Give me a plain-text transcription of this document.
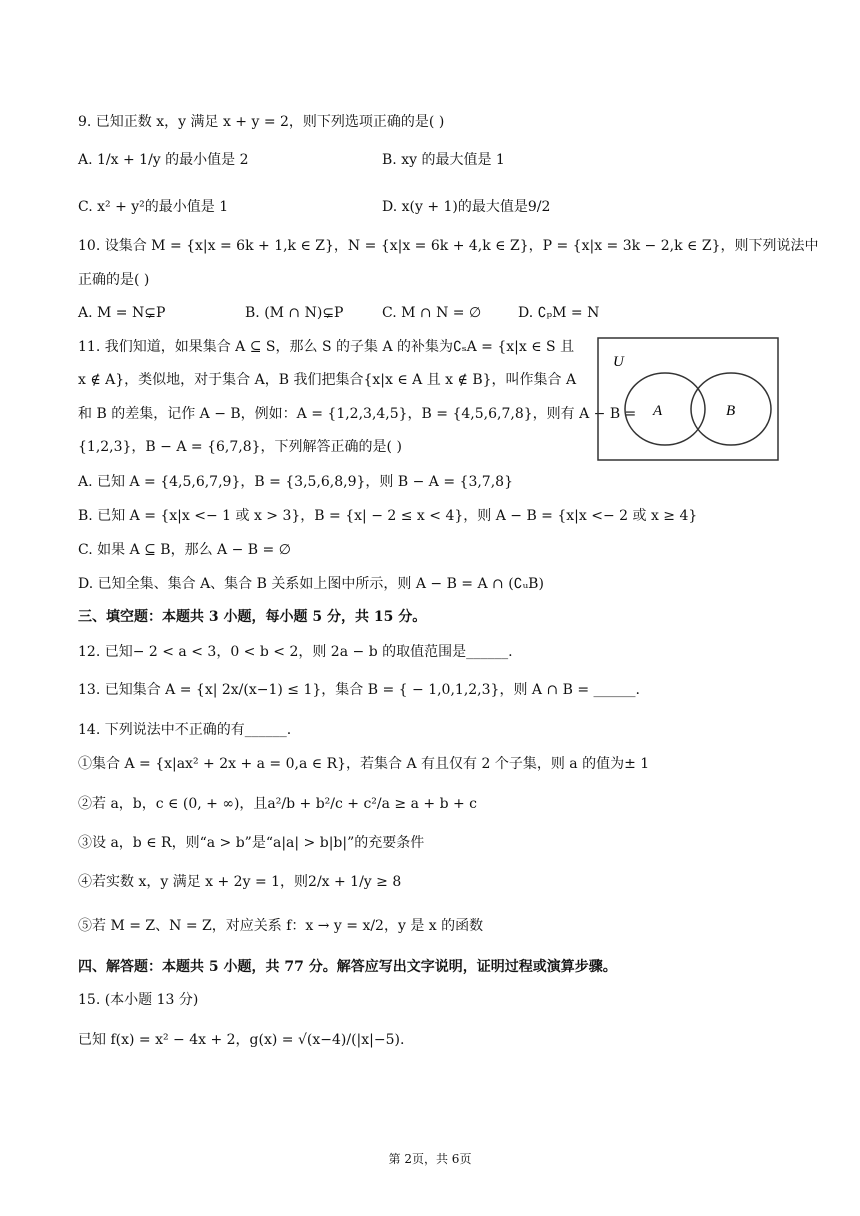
9. 已知正数 x，y 满足 x + y = 2，则下列选项正确的是( )
A. 1/x + 1/y 的最小值是 2	B. xy 的最大值是 1
C. x² + y²的最小值是 1	D. x(y + 1)的最大值是9/2
10. 设集合 M = {x|x = 6k + 1,k ∈ Z}，N = {x|x = 6k + 4,k ∈ Z}，P = {x|x = 3k − 2,k ∈ Z}，则下列说法中
正确的是( )
A. M = N⊊P	B. (M ∩ N)⊊P	C. M ∩ N = ∅	D. ∁ₚM = N
11. 我们知道，如果集合 A ⊆ S，那么 S 的子集 A 的补集为∁ₛA = {x|x ∈ S 且
x ∉ A}，类似地，对于集合 A，B 我们把集合{x|x ∈ A 且 x ∉ B}，叫作集合 A
和 B 的差集，记作 A − B，例如：A = {1,2,3,4,5}，B = {4,5,6,7,8}，则有 A − B =
{1,2,3}，B − A = {6,7,8}，下列解答正确的是( )
U
A	B
A. 已知 A = {4,5,6,7,9}，B = {3,5,6,8,9}，则 B − A = {3,7,8}
B. 已知 A = {x|x <− 1 或 x > 3}，B = {x| − 2 ≤ x < 4}，则 A − B = {x|x <− 2 或 x ≥ 4}
C. 如果 A ⊆ B，那么 A − B = ∅
D. 已知全集、集合 A、集合 B 关系如上图中所示，则 A − B = A ∩ (∁ᵤB)
三、填空题：本题共 3 小题，每小题 5 分，共 15 分。
12. 已知− 2 < a < 3，0 < b < 2，则 2a − b 的取值范围是______.
13. 已知集合 A = {x| 2x/(x−1) ≤ 1}，集合 B = { − 1,0,1,2,3}，则 A ∩ B = ______.
14. 下列说法中不正确的有______.
①集合 A = {x|ax² + 2x + a = 0,a ∈ R}，若集合 A 有且仅有 2 个子集，则 a 的值为± 1
②若 a，b，c ∈ (0, + ∞)，且a²/b + b²/c + c²/a ≥ a + b + c
③设 a，b ∈ R，则“a > b”是“a|a| > b|b|”的充要条件
④若实数 x，y 满足 x + 2y = 1，则2/x + 1/y ≥ 8
⑤若 M = Z、N = Z，对应关系 f：x → y = x/2，y 是 x 的函数
四、解答题：本题共 5 小题，共 77 分。解答应写出文字说明，证明过程或演算步骤。
15. (本小题 13 分)
已知 f(x) = x² − 4x + 2，g(x) = √(x−4)/(|x|−5).
第 2页，共 6页
